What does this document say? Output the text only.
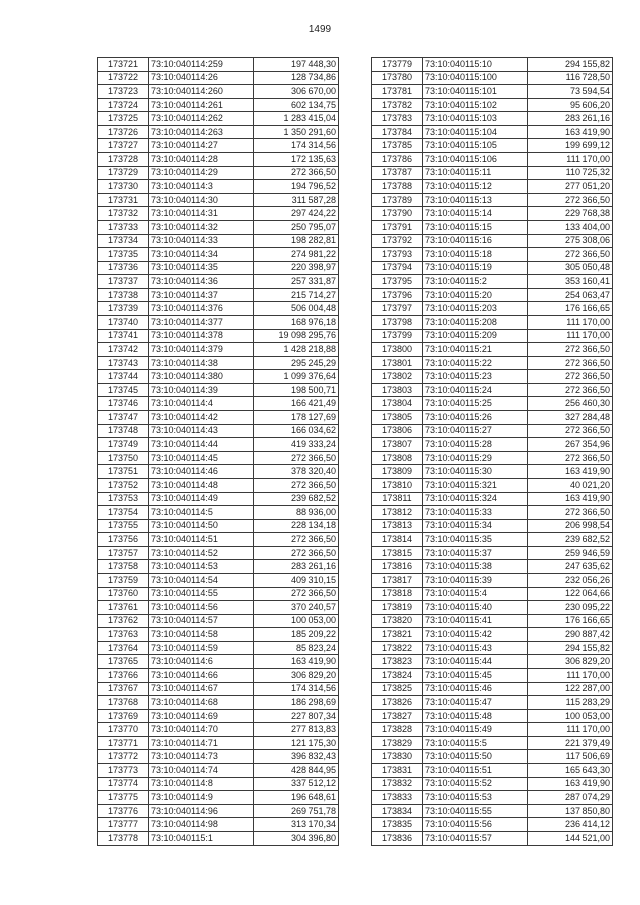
1499
173721	73:10:040114:259	197 448,30
173722	73:10:040114:26	128 734,86
173723	73:10:040114:260	306 670,00
173724	73:10:040114:261	602 134,75
173725	73:10:040114:262	1 283 415,04
173726	73:10:040114:263	1 350 291,60
173727	73:10:040114:27	174 314,56
173728	73:10:040114:28	172 135,63
173729	73:10:040114:29	272 366,50
173730	73:10:040114:3	194 796,52
173731	73:10:040114:30	311 587,28
173732	73:10:040114:31	297 424,22
173733	73:10:040114:32	250 795,07
173734	73:10:040114:33	198 282,81
173735	73:10:040114:34	274 981,22
173736	73:10:040114:35	220 398,97
173737	73:10:040114:36	257 331,87
173738	73:10:040114:37	215 714,27
173739	73:10:040114:376	506 004,48
173740	73:10:040114:377	168 976,18
173741	73:10:040114:378	19 098 295,76
173742	73:10:040114:379	1 428 218,88
173743	73:10:040114:38	295 245,29
173744	73:10:040114:380	1 099 376,64
173745	73:10:040114:39	198 500,71
173746	73:10:040114:4	166 421,49
173747	73:10:040114:42	178 127,69
173748	73:10:040114:43	166 034,62
173749	73:10:040114:44	419 333,24
173750	73:10:040114:45	272 366,50
173751	73:10:040114:46	378 320,40
173752	73:10:040114:48	272 366,50
173753	73:10:040114:49	239 682,52
173754	73:10:040114:5	88 936,00
173755	73:10:040114:50	228 134,18
173756	73:10:040114:51	272 366,50
173757	73:10:040114:52	272 366,50
173758	73:10:040114:53	283 261,16
173759	73:10:040114:54	409 310,15
173760	73:10:040114:55	272 366,50
173761	73:10:040114:56	370 240,57
173762	73:10:040114:57	100 053,00
173763	73:10:040114:58	185 209,22
173764	73:10:040114:59	85 823,24
173765	73:10:040114:6	163 419,90
173766	73:10:040114:66	306 829,20
173767	73:10:040114:67	174 314,56
173768	73:10:040114:68	186 298,69
173769	73:10:040114:69	227 807,34
173770	73:10:040114:70	277 813,83
173771	73:10:040114:71	121 175,30
173772	73:10:040114:73	396 832,43
173773	73:10:040114:74	428 844,95
173774	73:10:040114:8	337 512,12
173775	73:10:040114:9	196 648,61
173776	73:10:040114:96	269 751,78
173777	73:10:040114:98	313 170,34
173778	73:10:040115:1	304 396,80
173779	73:10:040115:10	294 155,82
173780	73:10:040115:100	116 728,50
173781	73:10:040115:101	73 594,54
173782	73:10:040115:102	95 606,20
173783	73:10:040115:103	283 261,16
173784	73:10:040115:104	163 419,90
173785	73:10:040115:105	199 699,12
173786	73:10:040115:106	111 170,00
173787	73:10:040115:11	110 725,32
173788	73:10:040115:12	277 051,20
173789	73:10:040115:13	272 366,50
173790	73:10:040115:14	229 768,38
173791	73:10:040115:15	133 404,00
173792	73:10:040115:16	275 308,06
173793	73:10:040115:18	272 366,50
173794	73:10:040115:19	305 050,48
173795	73:10:040115:2	353 160,41
173796	73:10:040115:20	254 063,47
173797	73:10:040115:203	176 166,65
173798	73:10:040115:208	111 170,00
173799	73:10:040115:209	111 170,00
173800	73:10:040115:21	272 366,50
173801	73:10:040115:22	272 366,50
173802	73:10:040115:23	272 366,50
173803	73:10:040115:24	272 366,50
173804	73:10:040115:25	256 460,30
173805	73:10:040115:26	327 284,48
173806	73:10:040115:27	272 366,50
173807	73:10:040115:28	267 354,96
173808	73:10:040115:29	272 366,50
173809	73:10:040115:30	163 419,90
173810	73:10:040115:321	40 021,20
173811	73:10:040115:324	163 419,90
173812	73:10:040115:33	272 366,50
173813	73:10:040115:34	206 998,54
173814	73:10:040115:35	239 682,52
173815	73:10:040115:37	259 946,59
173816	73:10:040115:38	247 635,62
173817	73:10:040115:39	232 056,26
173818	73:10:040115:4	122 064,66
173819	73:10:040115:40	230 095,22
173820	73:10:040115:41	176 166,65
173821	73:10:040115:42	290 887,42
173822	73:10:040115:43	294 155,82
173823	73:10:040115:44	306 829,20
173824	73:10:040115:45	111 170,00
173825	73:10:040115:46	122 287,00
173826	73:10:040115:47	115 283,29
173827	73:10:040115:48	100 053,00
173828	73:10:040115:49	111 170,00
173829	73:10:040115:5	221 379,49
173830	73:10:040115:50	117 506,69
173831	73:10:040115:51	165 643,30
173832	73:10:040115:52	163 419,90
173833	73:10:040115:53	287 074,29
173834	73:10:040115:55	137 850,80
173835	73:10:040115:56	236 414,12
173836	73:10:040115:57	144 521,00
